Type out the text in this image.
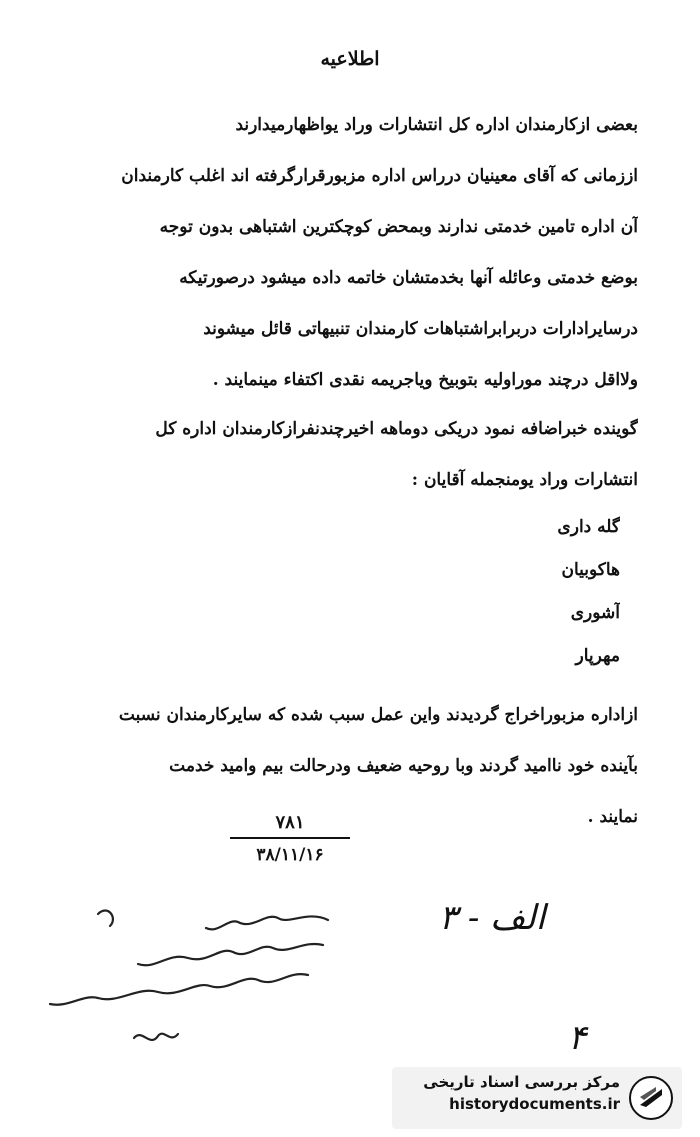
اطلاعیه
بعضی ازکارمندان اداره کل انتشارات وراد یواظهارمیدارند
اززمانی که آقای معینیان درراس اداره مزبورقرارگرفته اند اغلب کارمندان
آن اداره تامین خدمتی ندارند وبمحض کوچکترین اشتباهی بدون توجه
بوضع خدمتی وعائله آنها بخدمتشان خاتمه داده میشود درصورتیکه
درسایرادارات دربرابراشتباهات کارمندان تنبیهاتی قائل میشوند
ولااقل درچند موراولیه بتوبیخ ویاجریمه نقدی اکتفاء مینمایند .
گوینده خبراضافه نمود دریکی دوماهه اخیرچندنفرازکارمندان اداره کل
انتشارات وراد یومنجمله آقایان :
گله داری
هاکوبیان
آشوری
مهرپار
ازاداره مزبوراخراج گردیدند واین عمل سبب شده که سایرکارمندان نسبت
بآینده خود ناامید گردند وبا روحیه ضعیف ودرحالت بیم وامید خدمت
نمایند .
۷۸۱
۳۸/۱۱/۱۶
الف - ۳
۴
مرکز بررسی اسناد تاریخی
historydocuments.ir
